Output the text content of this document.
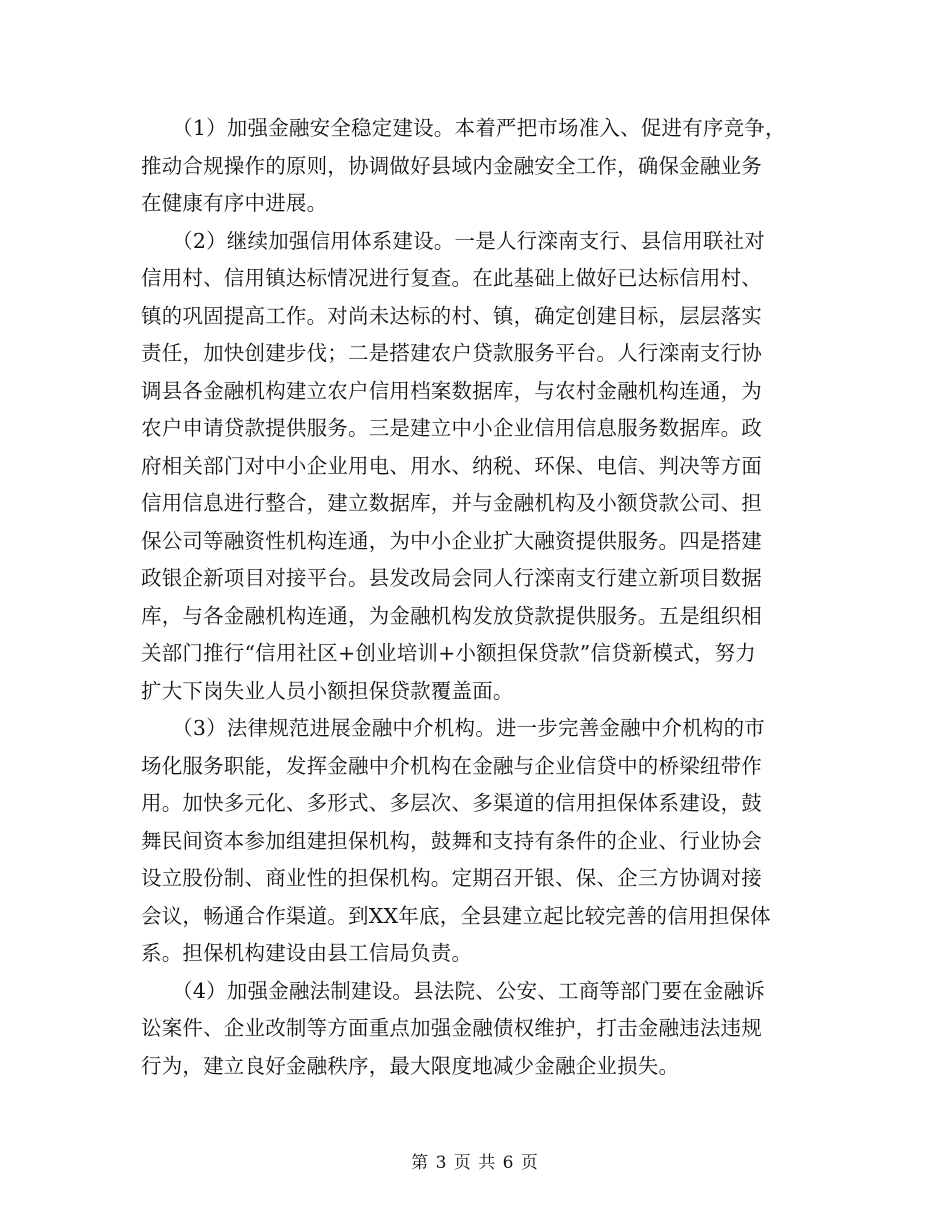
　　（1）加强金融安全稳定建设。本着严把市场准入、促进有序竞争，
推动合规操作的原则，协调做好县域内金融安全工作，确保金融业务
在健康有序中进展。
　　（2）继续加强信用体系建设。一是人行滦南支行、县信用联社对
信用村、信用镇达标情况进行复查。在此基础上做好已达标信用村、
镇的巩固提高工作。对尚未达标的村、镇，确定创建目标，层层落实
责任，加快创建步伐；二是搭建农户贷款服务平台。人行滦南支行协
调县各金融机构建立农户信用档案数据库，与农村金融机构连通，为
农户申请贷款提供服务。三是建立中小企业信用信息服务数据库。政
府相关部门对中小企业用电、用水、纳税、环保、电信、判决等方面
信用信息进行整合，建立数据库，并与金融机构及小额贷款公司、担
保公司等融资性机构连通，为中小企业扩大融资提供服务。四是搭建
政银企新项目对接平台。县发改局会同人行滦南支行建立新项目数据
库，与各金融机构连通，为金融机构发放贷款提供服务。五是组织相
关部门推行“信用社区+创业培训+小额担保贷款”信贷新模式，努力
扩大下岗失业人员小额担保贷款覆盖面。
　　（3）法律规范进展金融中介机构。进一步完善金融中介机构的市
场化服务职能，发挥金融中介机构在金融与企业信贷中的桥梁纽带作
用。加快多元化、多形式、多层次、多渠道的信用担保体系建设，鼓
舞民间资本参加组建担保机构，鼓舞和支持有条件的企业、行业协会
设立股份制、商业性的担保机构。定期召开银、保、企三方协调对接
会议，畅通合作渠道。到XX年底，全县建立起比较完善的信用担保体
系。担保机构建设由县工信局负责。
　　（4）加强金融法制建设。县法院、公安、工商等部门要在金融诉
讼案件、企业改制等方面重点加强金融债权维护，打击金融违法违规
行为，建立良好金融秩序，最大限度地减少金融企业损失。
第 3 页 共 6 页
